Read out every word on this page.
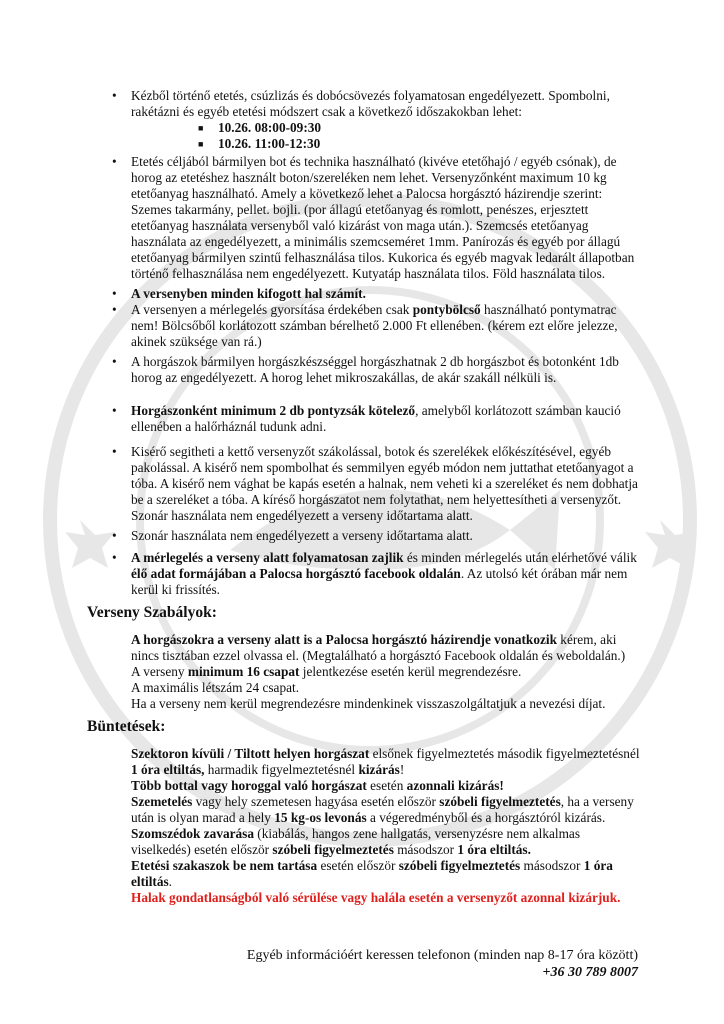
• Kézből történő etetés, csúzlizás és dobócsövezés folyamatosan engedélyezett. Spombolni, rakétázni és egyéb etetési módszert csak a következő időszakokban lehet:
■ 10.26. 08:00-09:30
■ 10.26. 11:00-12:30
• Etetés céljából bármilyen bot és technika használható (kivéve etetőhajó / egyéb csónak), de horog az etetéshez használt boton/szereléken nem lehet. Versenyzőnként maximum 10 kg etetőanyag használható. Amely a következő lehet a Palocsa horgásztó házirendje szerint: Szemes takarmány, pellet. bojli. (por állagú etetőanyag és romlott, penészes, erjesztett etetőanyag használata versenyből való kizárást von maga után.). Szemcsés etetőanyag használata az engedélyezett, a minimális szemcseméret 1mm. Panírozás és egyéb por állagú etetőanyag bármilyen szintű felhasználása tilos. Kukorica és egyéb magvak ledarált állapotban történő felhasználása nem engedélyezett. Kutyatáp használata tilos. Föld használata tilos.
• A versenyben minden kifogott hal számít.
• A versenyen a mérlegelés gyorsítása érdekében csak pontybölcső használható pontymatrac nem! Bölcsőből korlátozott számban bérelhető 2.000 Ft ellenében. (kérem ezt előre jelezze, akinek szüksége van rá.)
• A horgászok bármilyen horgászkészséggel horgászhatnak 2 db horgászbot és botonként 1db horog az engedélyezett. A horog lehet mikroszakállas, de akár szakáll nélküli is.
• Horgászonként minimum 2 db pontyzsák kötelező, amelyből korlátozott számban kaució ellenében a halőrháznál tudunk adni.
• Kisérő segitheti a kettő versenyzőt szákolással, botok és szerelékek előkészítésével, egyéb pakolással. A kisérő nem spombolhat és semmilyen egyéb módon nem juttathat etetőanyagot a tóba. A kisérő nem vághat be kapás esetén a halnak, nem veheti ki a szereléket és nem dobhatja be a szereléket a tóba. A kíréső horgászatot nem folytathat, nem helyettesítheti a versenyzőt. Szonár használata nem engedélyezett a verseny időtartama alatt.
• Szonár használata nem engedélyezett a verseny időtartama alatt.
• A mérlegelés a verseny alatt folyamatosan zajlik és minden mérlegelés után elérhetővé válik élő adat formájában a Palocsa horgásztó facebook oldalán. Az utolsó két órában már nem kerül ki frissítés.
Verseny Szabályok:
A horgászokra a verseny alatt is a Palocsa horgásztó házirendje vonatkozik kérem, aki nincs tisztában ezzel olvassa el. (Megtalálható a horgásztó Facebook oldalán és weboldalán.)
A verseny minimum 16 csapat jelentkezése esetén kerül megrendezésre.
A maximális létszám 24 csapat.
Ha a verseny nem kerül megrendezésre mindenkinek visszaszolgáltatjuk a nevezési díjat.
Büntetések:
Szektoron kívüli / Tiltott helyen horgászat elsőnek figyelmeztetés második figyelmeztetésnél 1 óra eltiltás, harmadik figyelmeztetésnél kizárás!
Több bottal vagy horoggal való horgászat esetén azonnali kizárás!
Szemetelés vagy hely szemetesen hagyása esetén először szóbeli figyelmeztetés, ha a verseny után is olyan marad a hely 15 kg-os levonás a végeredményből és a horgásztóról kizárás.
Szomszédok zavarása (kiabálás, hangos zene hallgatás, versenyzésre nem alkalmas viselkedés) esetén először szóbeli figyelmeztetés másodszor 1 óra eltiltás.
Etetési szakaszok be nem tartása esetén először szóbeli figyelmeztetés másodszor 1 óra eltiltás.
Halak gondatlanságból való sérülése vagy halála esetén a versenyzőt azonnal kizárjuk.
Egyéb információért keressen telefonon (minden nap 8-17 óra között)
+36 30 789 8007
